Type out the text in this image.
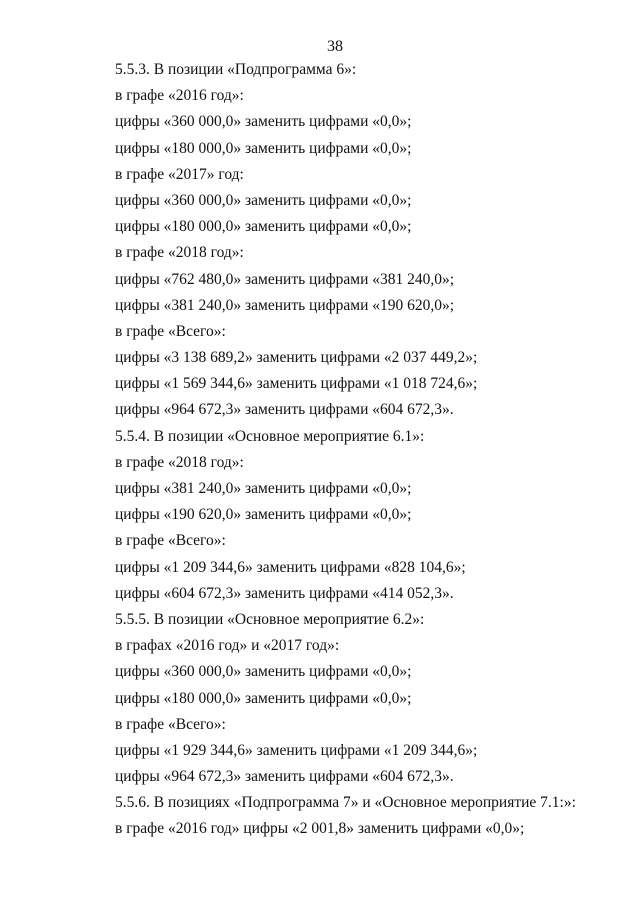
38
5.5.3. В позиции «Подпрограмма 6»:
в графе «2016 год»:
цифры «360 000,0» заменить цифрами «0,0»;
цифры «180 000,0» заменить цифрами «0,0»;
в графе «2017» год:
цифры «360 000,0» заменить цифрами «0,0»;
цифры «180 000,0» заменить цифрами «0,0»;
в графе «2018 год»:
цифры «762 480,0» заменить цифрами «381 240,0»;
цифры «381 240,0» заменить цифрами «190 620,0»;
в графе «Всего»:
цифры «3 138 689,2» заменить цифрами «2 037 449,2»;
цифры «1 569 344,6» заменить цифрами «1 018 724,6»;
цифры «964 672,3» заменить цифрами «604 672,3».
5.5.4. В позиции «Основное мероприятие 6.1»:
в графе «2018 год»:
цифры «381 240,0» заменить цифрами «0,0»;
цифры «190 620,0» заменить цифрами «0,0»;
в графе «Всего»:
цифры «1 209 344,6» заменить цифрами «828 104,6»;
цифры «604 672,3» заменить цифрами «414 052,3».
5.5.5. В позиции «Основное мероприятие 6.2»:
в графах «2016 год» и «2017 год»:
цифры «360 000,0» заменить цифрами «0,0»;
цифры «180 000,0» заменить цифрами «0,0»;
в графе «Всего»:
цифры «1 929 344,6» заменить цифрами «1 209 344,6»;
цифры «964 672,3» заменить цифрами «604 672,3».
5.5.6. В позициях «Подпрограмма 7» и «Основное мероприятие 7.1:»:
в графе «2016 год» цифры «2 001,8» заменить цифрами «0,0»;
